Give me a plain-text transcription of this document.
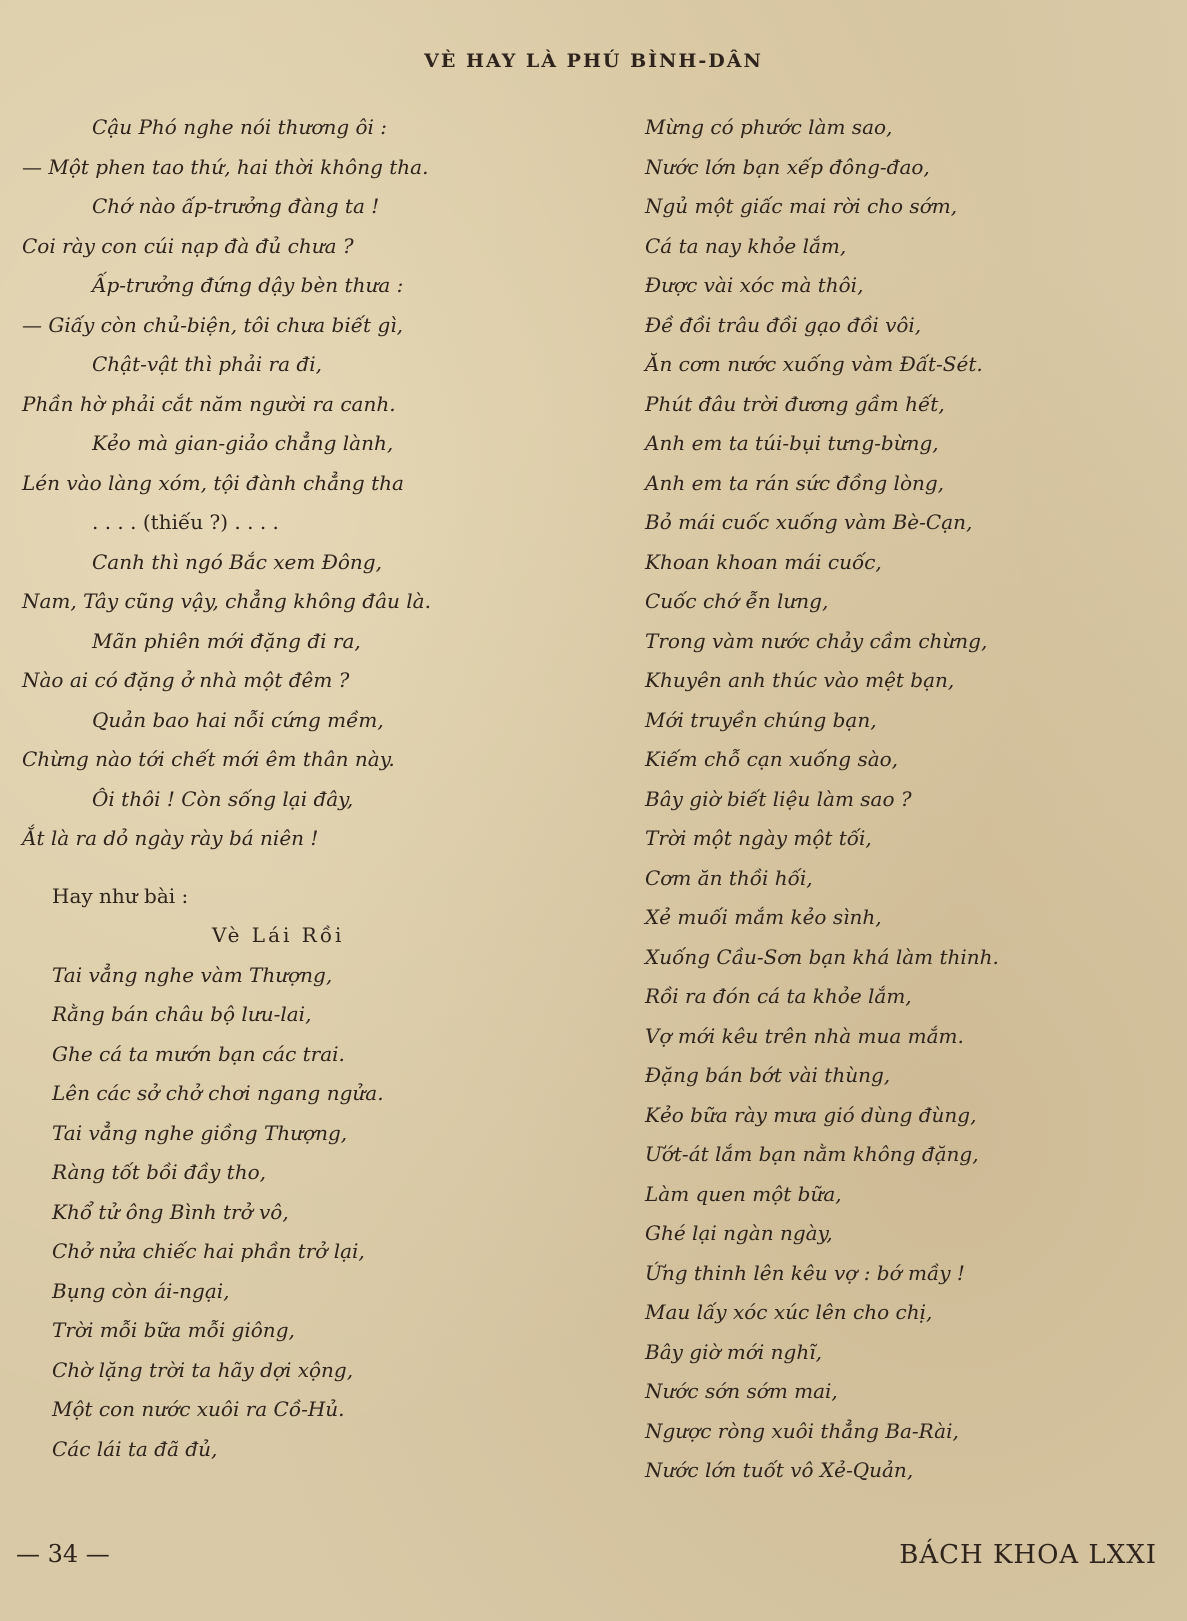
VÈ HAY LÀ PHÚ BÌNH-DÂN
Cậu Phó nghe nói thương ôi :
— Một phen tao thứ, hai thời không tha.
Chớ nào ấp-trưởng đàng ta !
Coi rày con cúi nạp đà đủ chưa ?
Ấp-trưởng đứng dậy bèn thưa :
— Giấy còn chủ-biện, tôi chưa biết gì,
Chật-vật thì phải ra đi,
Phần hờ phải cắt năm người ra canh.
Kẻo mà gian-giảo chẳng lành,
Lén vào làng xóm, tội đành chẳng tha
. . . . (thiếu ?) . . . .
Canh thì ngó Bắc xem Đông,
Nam, Tây cũng vậy, chẳng không đâu là.
Mãn phiên mới đặng đi ra,
Nào ai có đặng ở nhà một đêm ?
Quản bao hai nỗi cứng mềm,
Chừng nào tới chết mới êm thân này.
Ôi thôi ! Còn sống lại đây,
Ắt là ra dỏ ngày rày bá niên !
Hay như bài :
Vè Lái Rồi
Tai vẳng nghe vàm Thượng,
Rằng bán châu bộ lưu-lai,
Ghe cá ta mướn bạn các trai.
Lên các sở chở chơi ngang ngửa.
Tai vẳng nghe giồng Thượng,
Ràng tốt bồi đầy tho,
Khổ tử ông Bình trở vô,
Chở nửa chiếc hai phần trở lại,
Bụng còn ái-ngại,
Trời mỗi bữa mỗi giông,
Chờ lặng trời ta hãy dợi xộng,
Một con nước xuôi ra Cồ-Hủ.
Các lái ta đã đủ,
Mừng có phước làm sao,
Nước lớn bạn xếp đông-đao,
Ngủ một giấc mai rời cho sớm,
Cá ta nay khỏe lắm,
Được vài xóc mà thôi,
Đề đồi trâu đồi gạo đồi vôi,
Ăn cơm nước xuống vàm Đất-Sét.
Phút đâu trời đương gầm hết,
Anh em ta túi-bụi tưng-bừng,
Anh em ta rán sức đồng lòng,
Bỏ mái cuốc xuống vàm Bè-Cạn,
Khoan khoan mái cuốc,
Cuốc chớ ễn lưng,
Trong vàm nước chảy cầm chừng,
Khuyên anh thúc vào mệt bạn,
Mới truyền chúng bạn,
Kiếm chỗ cạn xuống sào,
Bây giờ biết liệu làm sao ?
Trời một ngày một tối,
Cơm ăn thồi hối,
Xẻ muối mắm kẻo sình,
Xuống Cầu-Sơn bạn khá làm thinh.
Rồi ra đón cá ta khỏe lắm,
Vợ mới kêu trên nhà mua mắm.
Đặng bán bớt vài thùng,
Kẻo bữa rày mưa gió dùng đùng,
Ướt-át lắm bạn nằm không đặng,
Làm quen một bữa,
Ghé lại ngàn ngày,
Ứng thinh lên kêu vợ : bớ mầy !
Mau lấy xóc xúc lên cho chị,
Bây giờ mới nghĩ,
Nước sớn sớm mai,
Ngược ròng xuôi thẳng Ba-Rài,
Nước lớn tuốt vô Xẻ-Quản,
— 34 —	BÁCH KHOA LXXI
